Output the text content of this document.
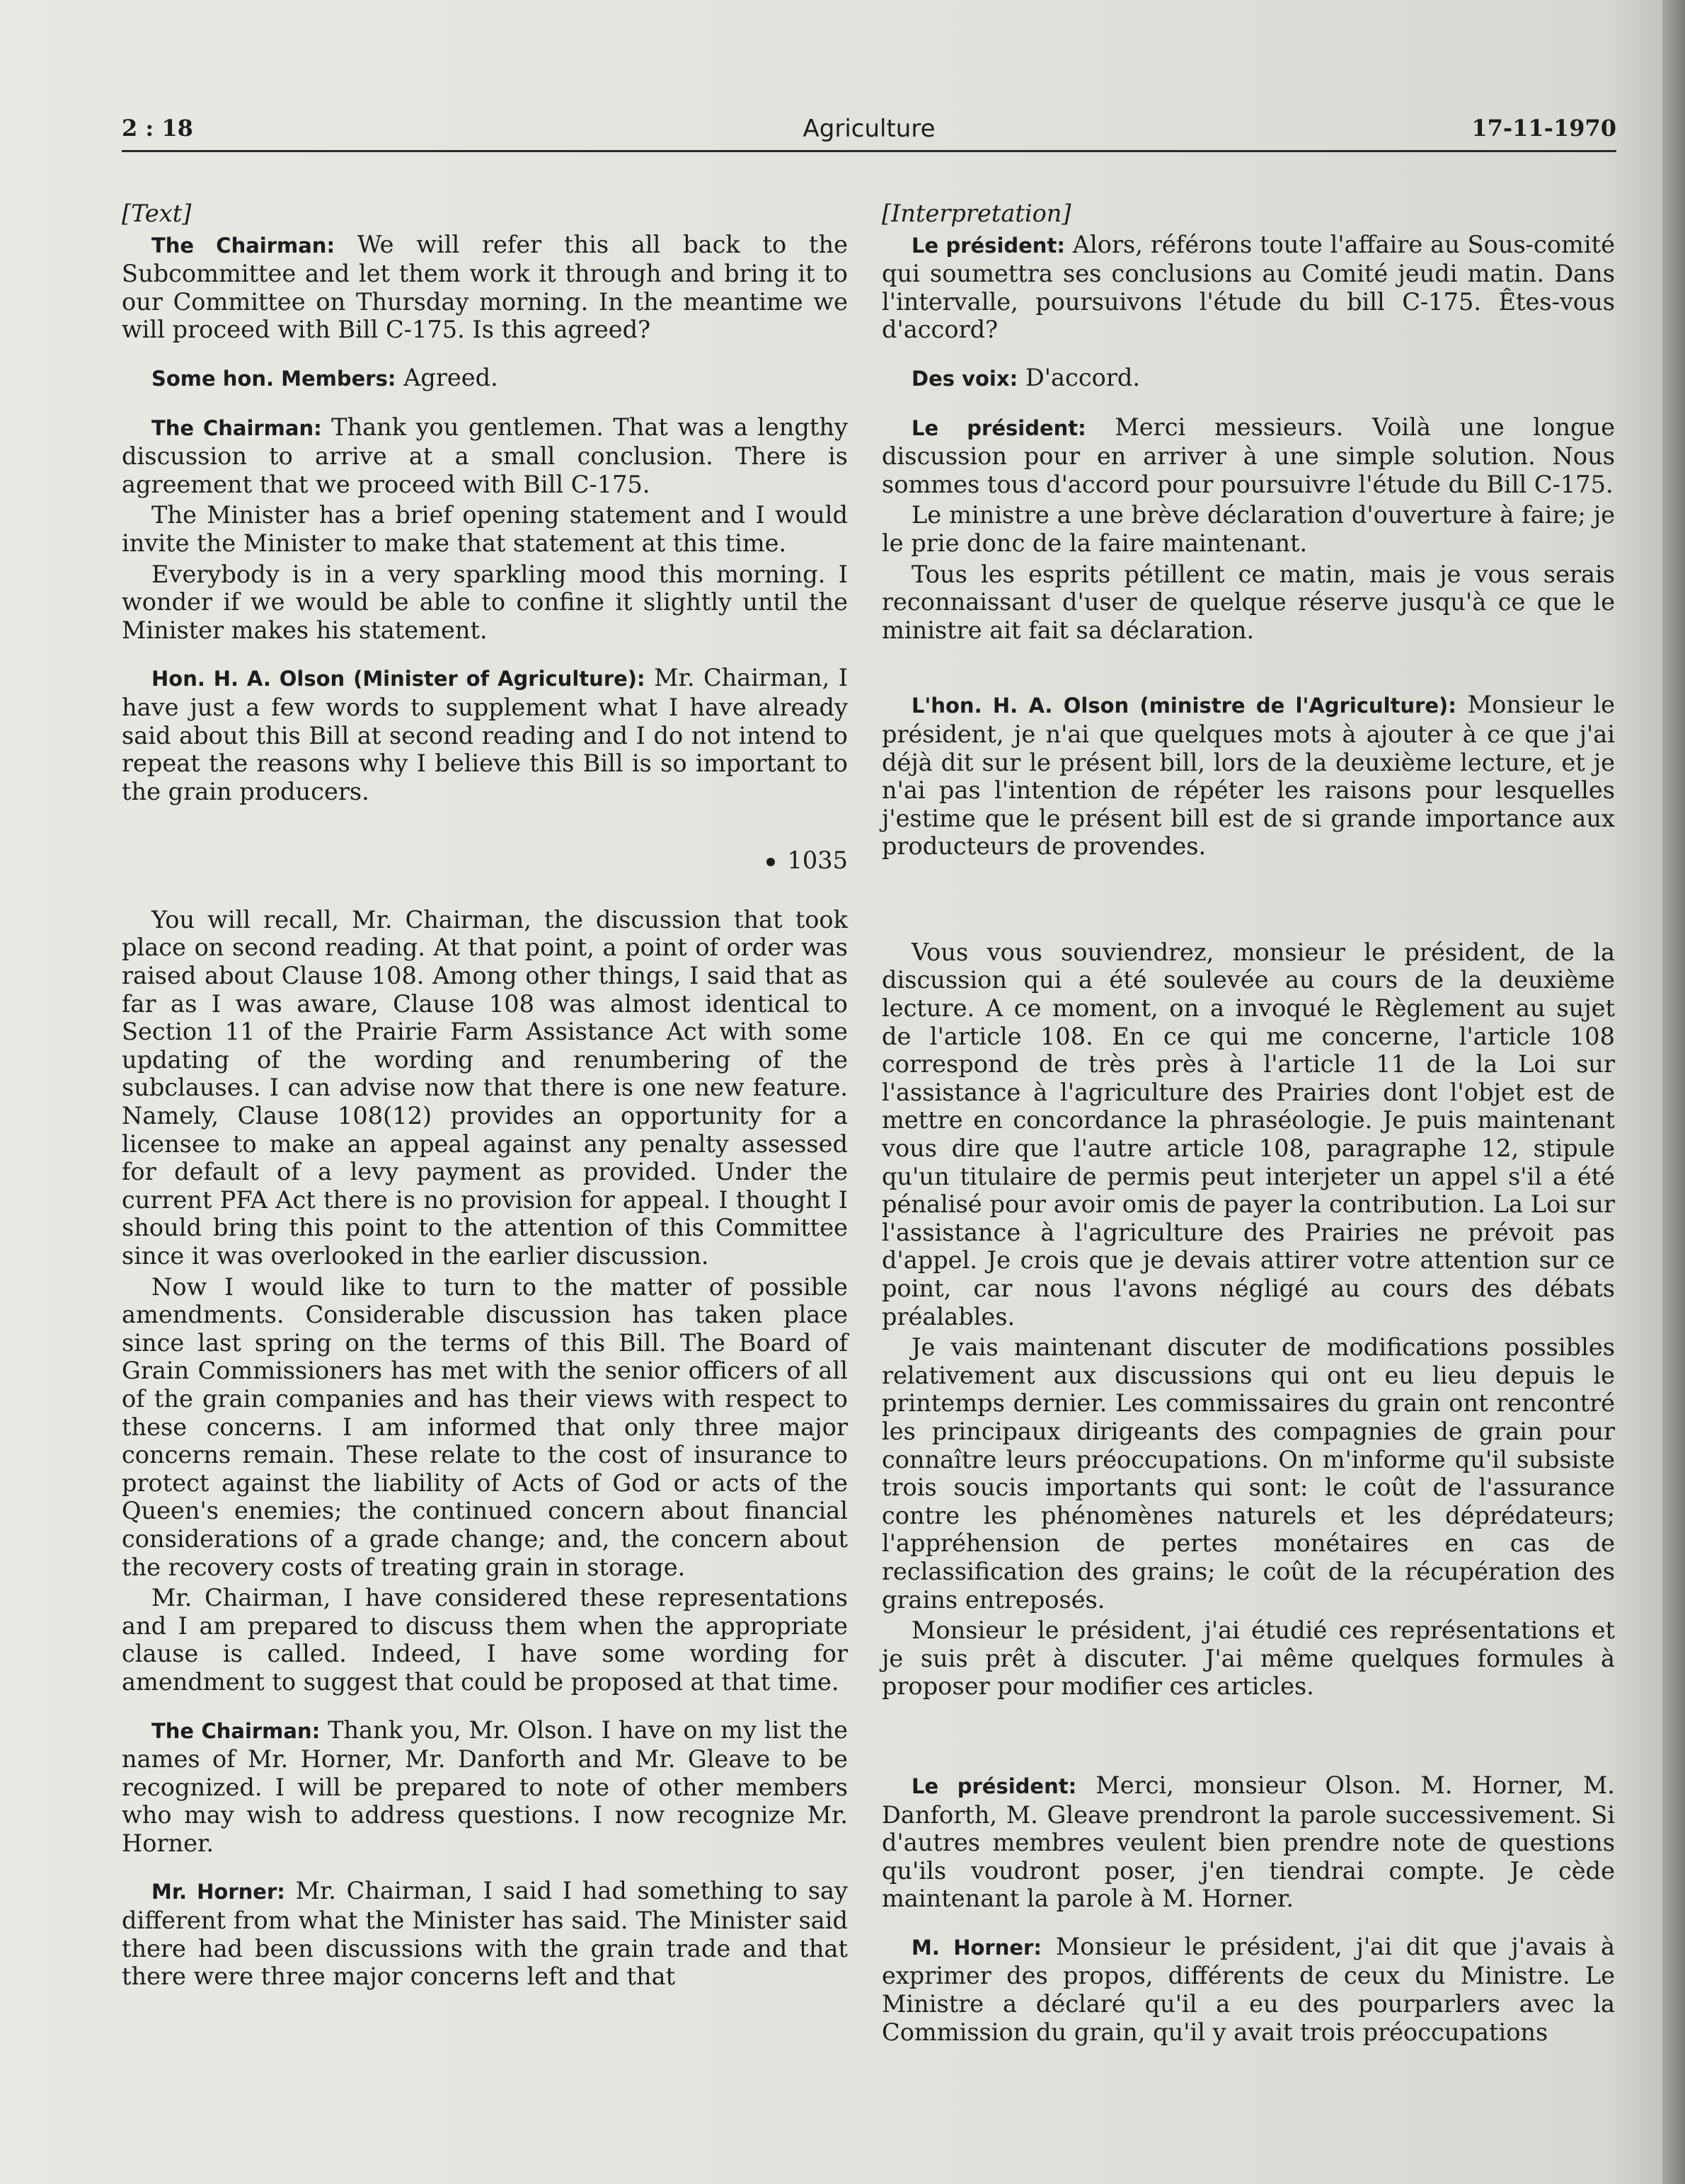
2 : 18	Agriculture	17-11-1970

[Text]

The Chairman: We will refer this all back to the Subcommittee and let them work it through and bring it to our Committee on Thursday morning. In the meantime we will proceed with Bill C-175. Is this agreed?

Some hon. Members: Agreed.

The Chairman: Thank you gentlemen. That was a lengthy discussion to arrive at a small conclusion. There is agreement that we proceed with Bill C-175.

The Minister has a brief opening statement and I would invite the Minister to make that statement at this time.

Everybody is in a very sparkling mood this morning. I wonder if we would be able to confine it slightly until the Minister makes his statement.

Hon. H. A. Olson (Minister of Agriculture): Mr. Chairman, I have just a few words to supplement what I have already said about this Bill at second reading and I do not intend to repeat the reasons why I believe this Bill is so important to the grain producers.

1035

You will recall, Mr. Chairman, the discussion that took place on second reading. At that point, a point of order was raised about Clause 108. Among other things, I said that as far as I was aware, Clause 108 was almost identical to Section 11 of the Prairie Farm Assistance Act with some updating of the wording and renumbering of the subclauses. I can advise now that there is one new feature. Namely, Clause 108(12) provides an opportunity for a licensee to make an appeal against any penalty assessed for default of a levy payment as provided. Under the current PFA Act there is no provision for appeal. I thought I should bring this point to the attention of this Committee since it was overlooked in the earlier discussion.

Now I would like to turn to the matter of possible amendments. Considerable discussion has taken place since last spring on the terms of this Bill. The Board of Grain Commissioners has met with the senior officers of all of the grain companies and has their views with respect to these concerns. I am informed that only three major concerns remain. These relate to the cost of insurance to protect against the liability of Acts of God or acts of the Queen's enemies; the continued concern about financial considerations of a grade change; and, the concern about the recovery costs of treating grain in storage.

Mr. Chairman, I have considered these representations and I am prepared to discuss them when the appropriate clause is called. Indeed, I have some wording for amendment to suggest that could be proposed at that time.

The Chairman: Thank you, Mr. Olson. I have on my list the names of Mr. Horner, Mr. Danforth and Mr. Gleave to be recognized. I will be prepared to note of other members who may wish to address questions. I now recognize Mr. Horner.

Mr. Horner: Mr. Chairman, I said I had something to say different from what the Minister has said. The Minister said there had been discussions with the grain trade and that there were three major concerns left and that

[Interpretation]

Le président: Alors, référons toute l'affaire au Sous-comité qui soumettra ses conclusions au Comité jeudi matin. Dans l'intervalle, poursuivons l'étude du bill C-175. Êtes-vous d'accord?

Des voix: D'accord.

Le président: Merci messieurs. Voilà une longue discussion pour en arriver à une simple solution. Nous sommes tous d'accord pour poursuivre l'étude du Bill C-175.

Le ministre a une brève déclaration d'ouverture à faire; je le prie donc de la faire maintenant.

Tous les esprits pétillent ce matin, mais je vous serais reconnaissant d'user de quelque réserve jusqu'à ce que le ministre ait fait sa déclaration.

L'hon. H. A. Olson (ministre de l'Agriculture): Monsieur le président, je n'ai que quelques mots à ajouter à ce que j'ai déjà dit sur le présent bill, lors de la deuxième lecture, et je n'ai pas l'intention de répéter les raisons pour lesquelles j'estime que le présent bill est de si grande importance aux producteurs de provendes.

Vous vous souviendrez, monsieur le président, de la discussion qui a été soulevée au cours de la deuxième lecture. A ce moment, on a invoqué le Règlement au sujet de l'article 108. En ce qui me concerne, l'article 108 correspond de très près à l'article 11 de la Loi sur l'assistance à l'agriculture des Prairies dont l'objet est de mettre en concordance la phraséologie. Je puis maintenant vous dire que l'autre article 108, paragraphe 12, stipule qu'un titulaire de permis peut interjeter un appel s'il a été pénalisé pour avoir omis de payer la contribution. La Loi sur l'assistance à l'agriculture des Prairies ne prévoit pas d'appel. Je crois que je devais attirer votre attention sur ce point, car nous l'avons négligé au cours des débats préalables.

Je vais maintenant discuter de modifications possibles relativement aux discussions qui ont eu lieu depuis le printemps dernier. Les commissaires du grain ont rencontré les principaux dirigeants des compagnies de grain pour connaître leurs préoccupations. On m'informe qu'il subsiste trois soucis importants qui sont: le coût de l'assurance contre les phénomènes naturels et les déprédateurs; l'appréhension de pertes monétaires en cas de reclassification des grains; le coût de la récupération des grains entreposés.

Monsieur le président, j'ai étudié ces représentations et je suis prêt à discuter. J'ai même quelques formules à proposer pour modifier ces articles.

Le président: Merci, monsieur Olson. M. Horner, M. Danforth, M. Gleave prendront la parole successivement. Si d'autres membres veulent bien prendre note de questions qu'ils voudront poser, j'en tiendrai compte. Je cède maintenant la parole à M. Horner.

M. Horner: Monsieur le président, j'ai dit que j'avais à exprimer des propos, différents de ceux du Ministre. Le Ministre a déclaré qu'il a eu des pourparlers avec la Commission du grain, qu'il y avait trois préoccupations
